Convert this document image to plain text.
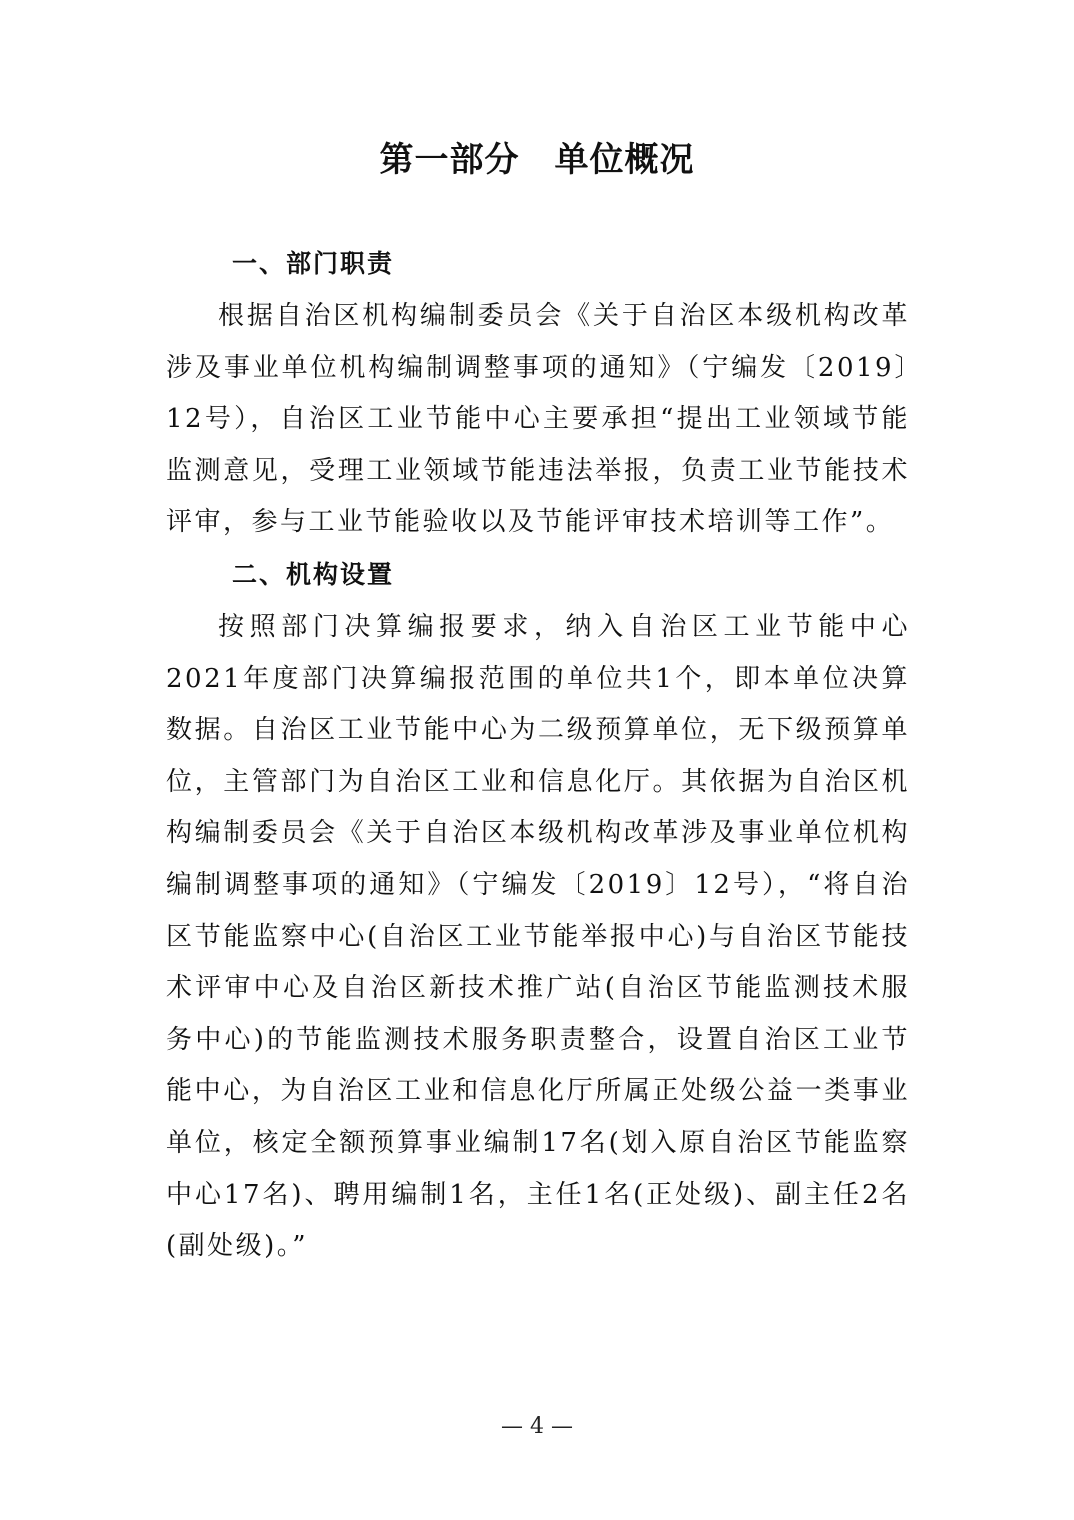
第一部分　单位概况
一、部门职责

根据自治区机构编制委员会《关于自治区本级机构改革涉及事业单位机构编制调整事项的通知》（宁编发〔2019〕12号），自治区工业节能中心主要承担“提出工业领域节能监测意见，受理工业领域节能违法举报，负责工业节能技术评审，参与工业节能验收以及节能评审技术培训等工作”。

二、机构设置

按照部门决算编报要求，纳入自治区工业节能中心2021年度部门决算编报范围的单位共1个，即本单位决算数据。自治区工业节能中心为二级预算单位，无下级预算单位，主管部门为自治区工业和信息化厅。其依据为自治区机构编制委员会《关于自治区本级机构改革涉及事业单位机构编制调整事项的通知》（宁编发〔2019〕12号），“将自治区节能监察中心(自治区工业节能举报中心)与自治区节能技术评审中心及自治区新技术推广站(自治区节能监测技术服务中心)的节能监测技术服务职责整合，设置自治区工业节能中心，为自治区工业和信息化厅所属正处级公益一类事业单位，核定全额预算事业编制17名(划入原自治区节能监察中心17名)、聘用编制1名，主任1名(正处级)、副主任2名(副处级)。”

— 4 —
